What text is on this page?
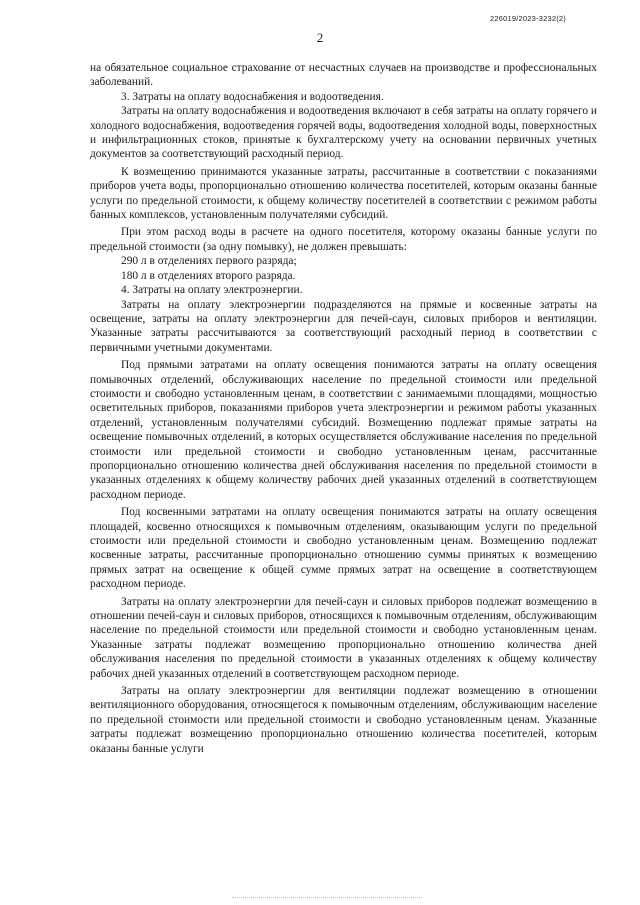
226019/2023-3232(2)
2

на обязательное социальное страхование от несчастных случаев на производстве и профессиональных заболеваний.

3. Затраты на оплату водоснабжения и водоотведения.

Затраты на оплату водоснабжения и водоотведения включают в себя затраты на оплату горячего и холодного водоснабжения, водоотведения горячей воды, водоотведения холодной воды, поверхностных и инфильтрационных стоков, принятые к бухгалтерскому учету на основании первичных учетных документов за соответствующий расходный период.

К возмещению принимаются указанные затраты, рассчитанные в соответствии с показаниями приборов учета воды, пропорционально отношению количества посетителей, которым оказаны банные услуги по предельной стоимости, к общему количеству посетителей в соответствии с режимом работы банных комплексов, установленным получателями субсидий.

При этом расход воды в расчете на одного посетителя, которому оказаны банные услуги по предельной стоимости (за одну помывку), не должен превышать:

290 л в отделениях первого разряда;

180 л в отделениях второго разряда.

4. Затраты на оплату электроэнергии.

Затраты на оплату электроэнергии подразделяются на прямые и косвенные затраты на освещение, затраты на оплату электроэнергии для печей-саун, силовых приборов и вентиляции. Указанные затраты рассчитываются за соответствующий расходный период в соответствии с первичными учетными документами.

Под прямыми затратами на оплату освещения понимаются затраты на оплату освещения помывочных отделений, обслуживающих население по предельной стоимости или предельной стоимости и свободно установленным ценам, в соответствии с занимаемыми площадями, мощностью осветительных приборов, показаниями приборов учета электроэнергии и режимом работы указанных отделений, установленным получателями субсидий. Возмещению подлежат прямые затраты на освещение помывочных отделений, в которых осуществляется обслуживание населения по предельной стоимости или предельной стоимости и свободно установленным ценам, рассчитанные пропорционально отношению количества дней обслуживания населения по предельной стоимости в указанных отделениях к общему количеству рабочих дней указанных отделений в соответствующем расходном периоде.

Под косвенными затратами на оплату освещения понимаются затраты на оплату освещения площадей, косвенно относящихся к помывочным отделениям, оказывающим услуги по предельной стоимости или предельной стоимости и свободно установленным ценам. Возмещению подлежат косвенные затраты, рассчитанные пропорционально отношению суммы принятых к возмещению прямых затрат на освещение к общей сумме прямых затрат на освещение в соответствующем расходном периоде.

Затраты на оплату электроэнергии для печей-саун и силовых приборов подлежат возмещению в отношении печей-саун и силовых приборов, относящихся к помывочным отделениям, обслуживающим население по предельной стоимости или предельной стоимости и свободно установленным ценам. Указанные затраты подлежат возмещению пропорционально отношению количества дней обслуживания населения по предельной стоимости в указанных отделениях к общему количеству рабочих дней указанных отделений в соответствующем расходном периоде.

Затраты на оплату электроэнергии для вентиляции подлежат возмещению в отношении вентиляционного оборудования, относящегося к помывочным отделениям, обслуживающим население по предельной стоимости или предельной стоимости и свободно установленным ценам. Указанные затраты подлежат возмещению пропорционально отношению количества посетителей, которым оказаны банные услуги
